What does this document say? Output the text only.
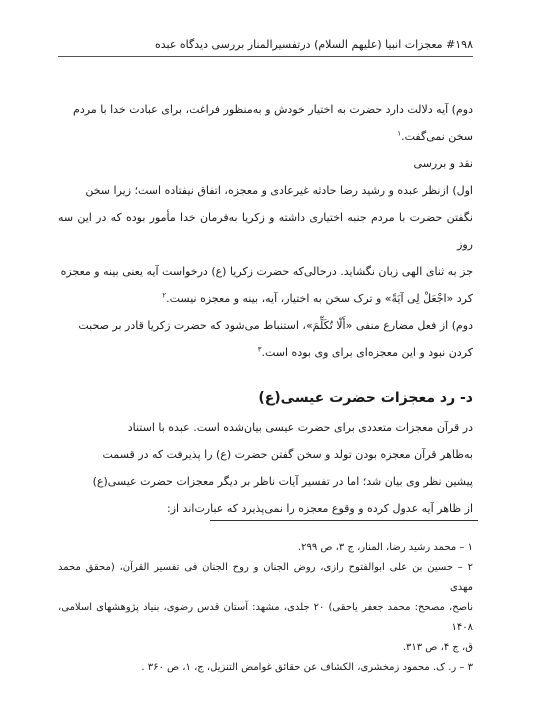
۱۹۸‏# معجزات انبیا (علیهم السلام) درتفسیرالمنار بررسی دیدگاه عبده

دوم) آیه دلالت دارد حضرت به اختیار خودش و به‌منظور فراغت، برای عبادت خدا با مردم
سخن نمی‌گفت.$^۱$

نقد و بررسی

اول) ازنظر عبده و رشید رضا حادثه غیرعادی و معجزه، اتفاق نیفتاده است؛ زیرا سخن
نگفتن حضرت با مردم جنبه اختیاری داشته و زکریا به‌فرمان خدا مأمور بوده که در این سه روز
جز به ثنای الهی زبان نگشاید. درحالی‌که حضرت زکریا (ع) درخواست آیه یعنی بینه و معجزه
کرد «اجْعَلْ لِی آیَةً» و ترک سخن به اختیار، آیه، بینه و معجزه نیست.$^۲$

دوم) از فعل مضارع منفی «أَلّا تُکَلِّمَ»، استنباط می‌شود که حضرت زکریا قادر بر صحبت
کردن نبود و این معجزه‌ای برای وی بوده است.$^۳$

د- رد معجزات حضرت عیسی(ع)

در قرآن معجزات متعددی برای حضرت عیسی بیان‌شده است. عبده با استناد
به‌ظاهر قرآن معجزه بودن تولد و سخن گفتن حضرت (ع) را پذیرفت که در قسمت
پیشین نظر وی بیان شد؛ اما در تفسیر آیات ناظر بر دیگر معجزات حضرت عیسی(ع)
از ظاهر آیه عدول کرده و وقوع معجزه را نمی‌پذیرد که عبارت‌اند از:

۱ – محمد رشید رضا، المنار، ج ۳، ص ۲۹۹.

۲ – حسین بن علی ابوالفتوح رازی، روض الجنان و روح الجنان فی تفسیر القرآن، (محقق محمد مهدی

ناصح، مصحح: محمد جعفر یاحقی) ۲۰ جلدی، مشهد: آستان قدس رضوی، بنیاد پژوهشهای اسلامی، ۱۴۰۸

ق، ج ۴، ص ۳۱۳.

۳ – ر. ک. محمود زمخشری، الکشاف عن حقائق غوامض التنزیل، ج، ۱، ص ۳۶۰ .
